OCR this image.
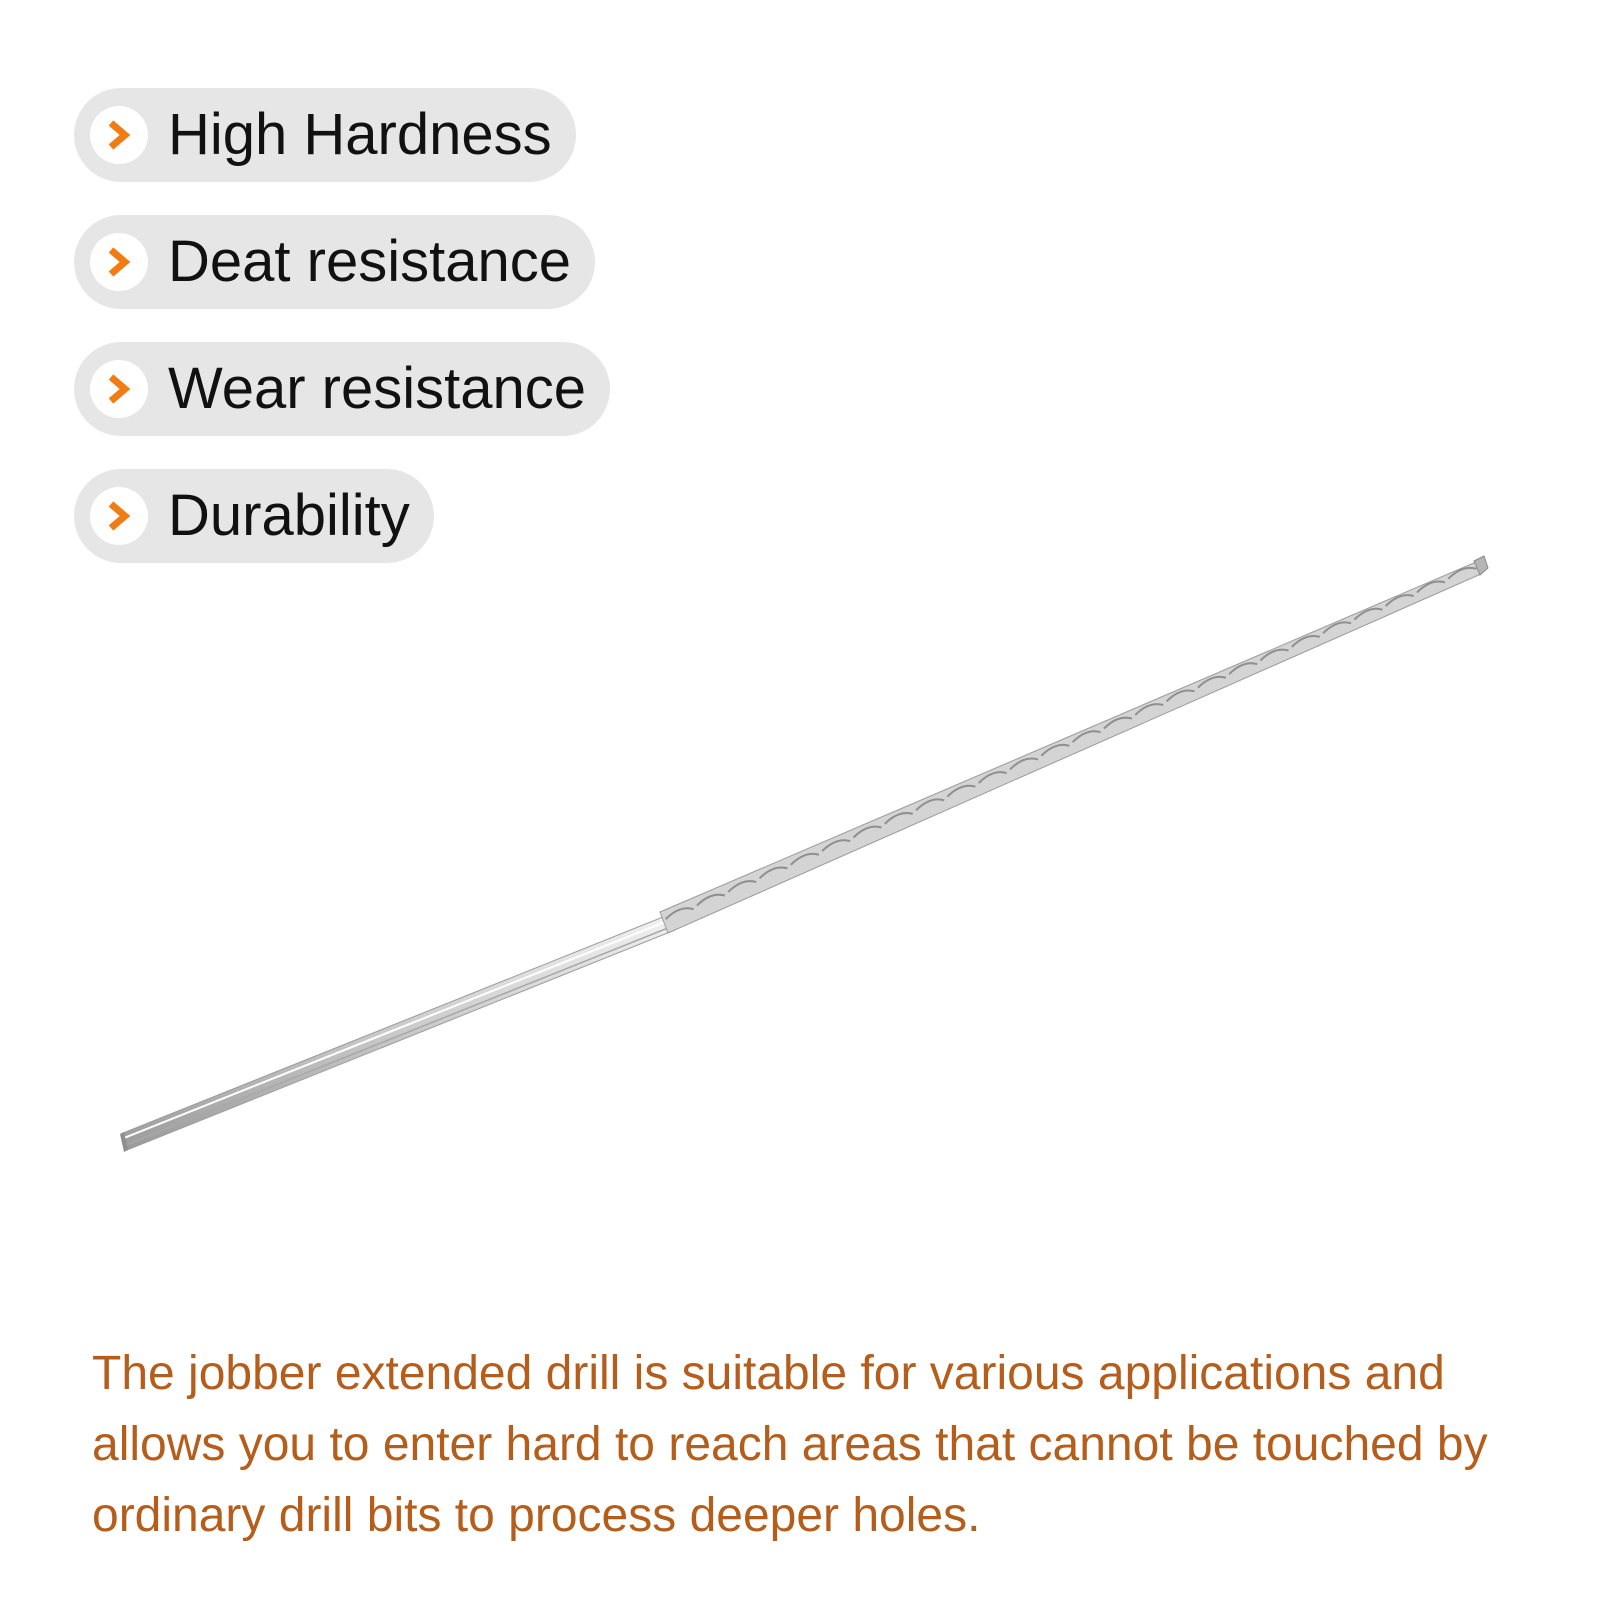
High Hardness
Deat resistance
Wear resistance
Durability

The jobber extended drill is suitable for various applications and allows you to enter hard to reach areas that cannot be touched by ordinary drill bits to process deeper holes.
